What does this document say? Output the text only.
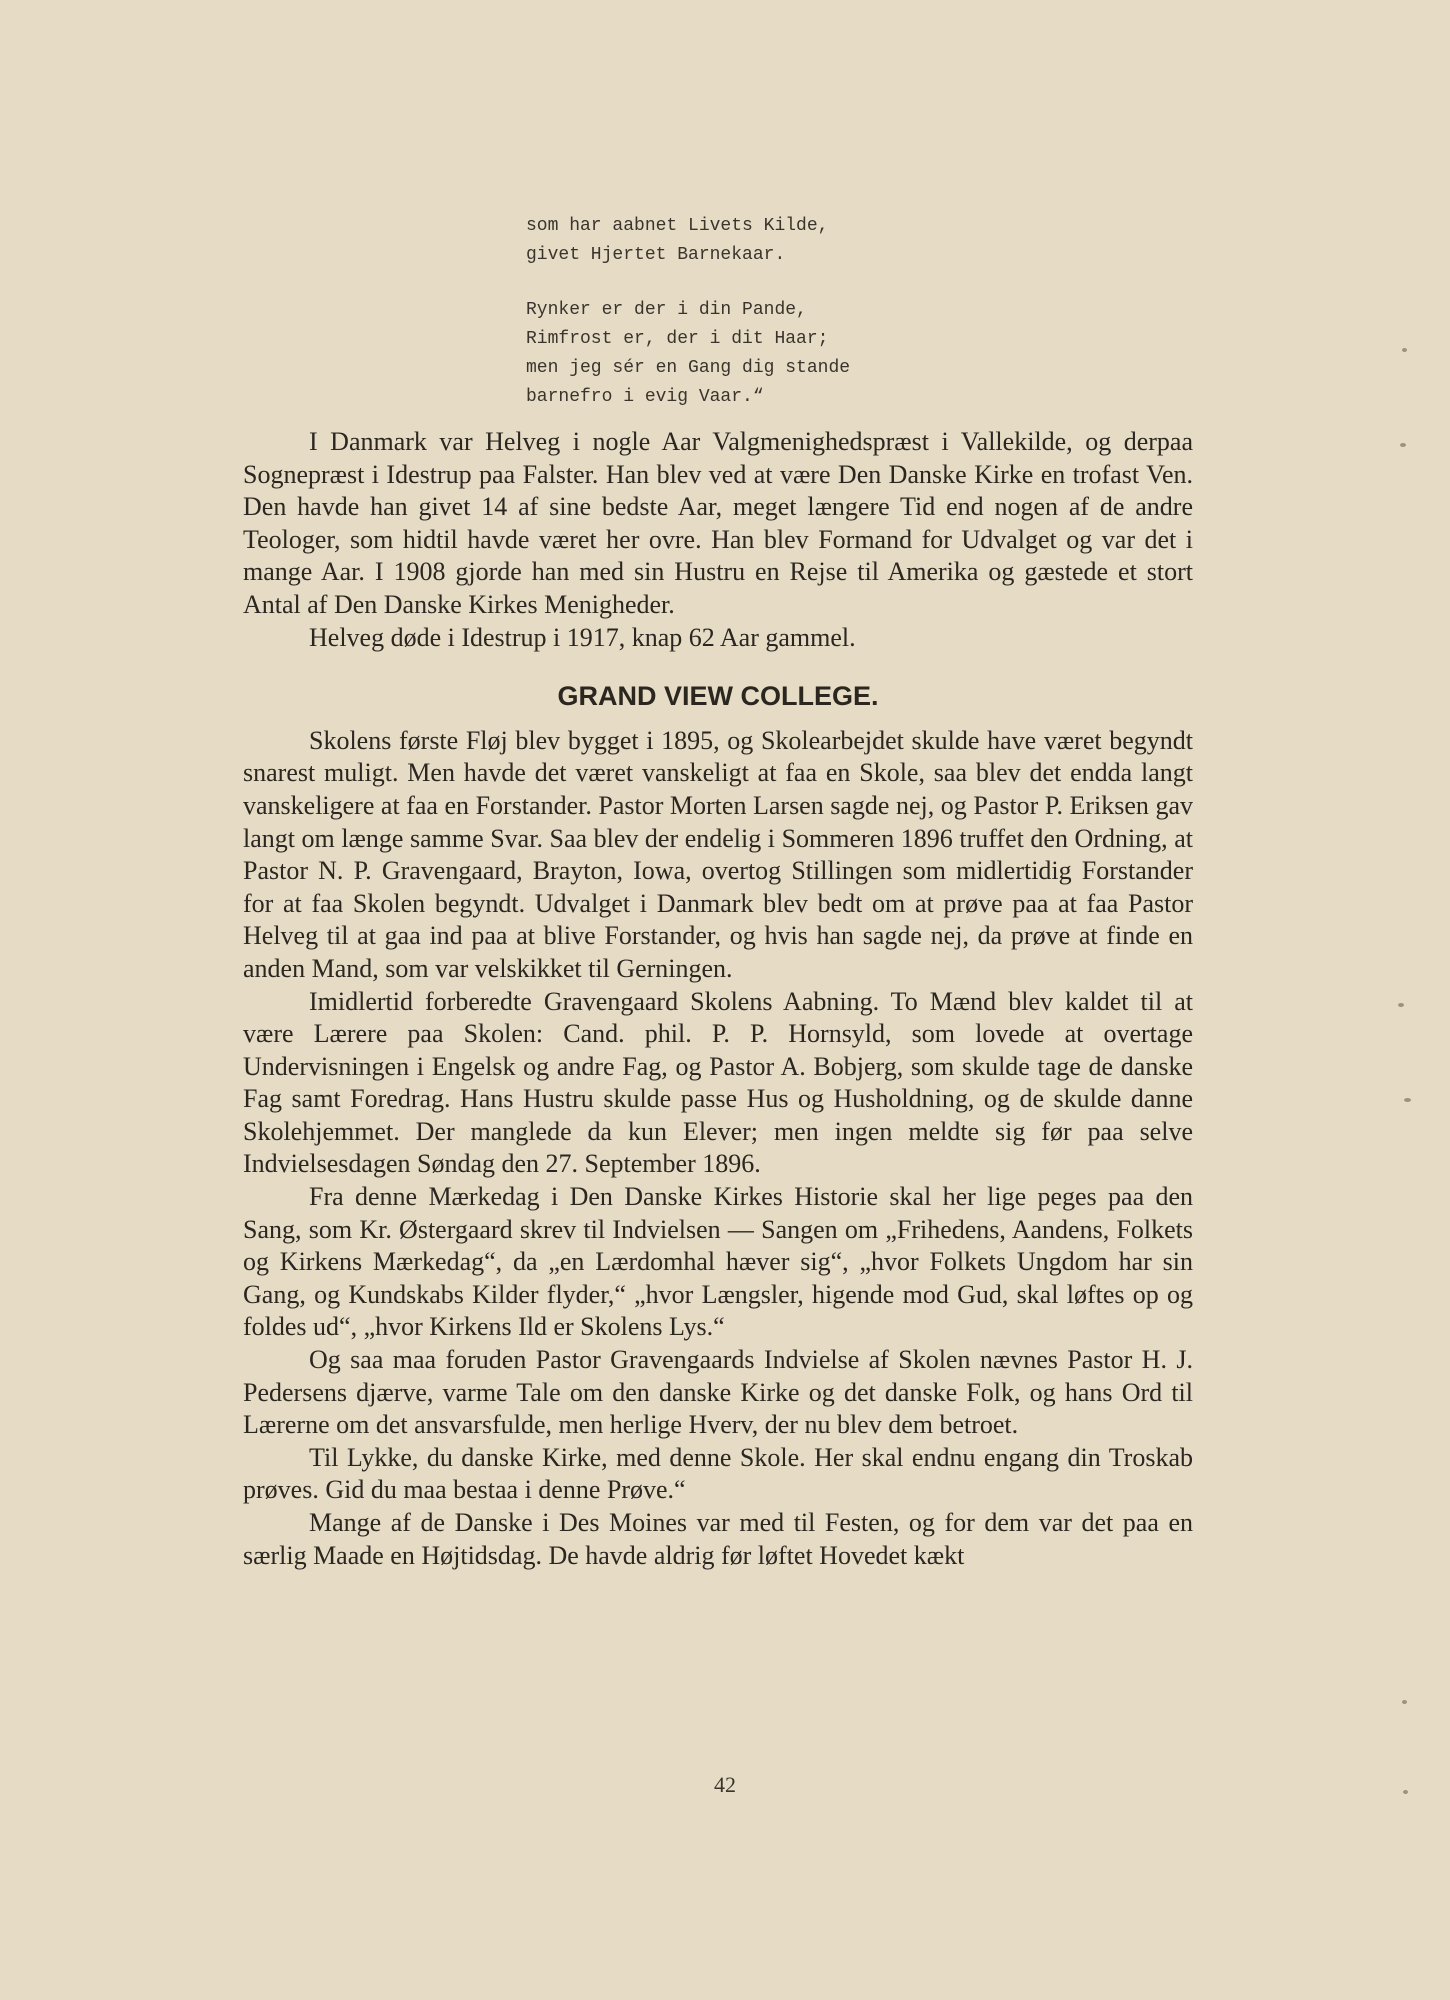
som har aabnet Livets Kilde,
givet Hjertet Barnekaar.
Rynker er der i din Pande,
Rimfrost er, der i dit Haar;
men jeg sér en Gang dig stande
barnefro i evig Vaar.“

I Danmark var Helveg i nogle Aar Valgmenighedspræst i Vallekilde, og derpaa Sognepræst i Idestrup paa Falster. Han blev ved at være Den Danske Kirke en trofast Ven. Den havde han givet 14 af sine bedste Aar, meget længere Tid end nogen af de andre Teologer, som hidtil havde været her ovre. Han blev Formand for Udvalget og var det i mange Aar. I 1908 gjorde han med sin Hustru en Rejse til Amerika og gæstede et stort Antal af Den Danske Kirkes Menigheder.

Helveg døde i Idestrup i 1917, knap 62 Aar gammel.

GRAND VIEW COLLEGE.

Skolens første Fløj blev bygget i 1895, og Skolearbejdet skulde have været begyndt snarest muligt. Men havde det været vanskeligt at faa en Skole, saa blev det endda langt vanskeligere at faa en Forstander. Pastor Morten Larsen sagde nej, og Pastor P. Eriksen gav langt om længe samme Svar. Saa blev der endelig i Sommeren 1896 truffet den Ordning, at Pastor N. P. Gravengaard, Brayton, Iowa, overtog Stillingen som midlertidig Forstander for at faa Skolen begyndt. Udvalget i Danmark blev bedt om at prøve paa at faa Pastor Helveg til at gaa ind paa at blive Forstander, og hvis han sagde nej, da prøve at finde en anden Mand, som var velskikket til Gerningen.

Imidlertid forberedte Gravengaard Skolens Aabning. To Mænd blev kaldet til at være Lærere paa Skolen: Cand. phil. P. P. Hornsyld, som lovede at overtage Undervisningen i Engelsk og andre Fag, og Pastor A. Bobjerg, som skulde tage de danske Fag samt Foredrag. Hans Hustru skulde passe Hus og Husholdning, og de skulde danne Skolehjemmet. Der manglede da kun Elever; men ingen meldte sig før paa selve Indvielsesdagen Søndag den 27. September 1896.

Fra denne Mærkedag i Den Danske Kirkes Historie skal her lige peges paa den Sang, som Kr. Østergaard skrev til Indvielsen — Sangen om „Frihedens, Aandens, Folkets og Kirkens Mærkedag“, da „en Lærdomhal hæver sig“, „hvor Folkets Ungdom har sin Gang, og Kundskabs Kilder flyder,“ „hvor Længsler, higende mod Gud, skal løftes op og foldes ud“, „hvor Kirkens Ild er Skolens Lys.“

Og saa maa foruden Pastor Gravengaards Indvielse af Skolen nævnes Pastor H. J. Pedersens djærve, varme Tale om den danske Kirke og det danske Folk, og hans Ord til Lærerne om det ansvarsfulde, men herlige Hverv, der nu blev dem betroet.

Til Lykke, du danske Kirke, med denne Skole. Her skal endnu engang din Troskab prøves. Gid du maa bestaa i denne Prøve.“

Mange af de Danske i Des Moines var med til Festen, og for dem var det paa en særlig Maade en Højtidsdag. De havde aldrig før løftet Hovedet kækt

42
